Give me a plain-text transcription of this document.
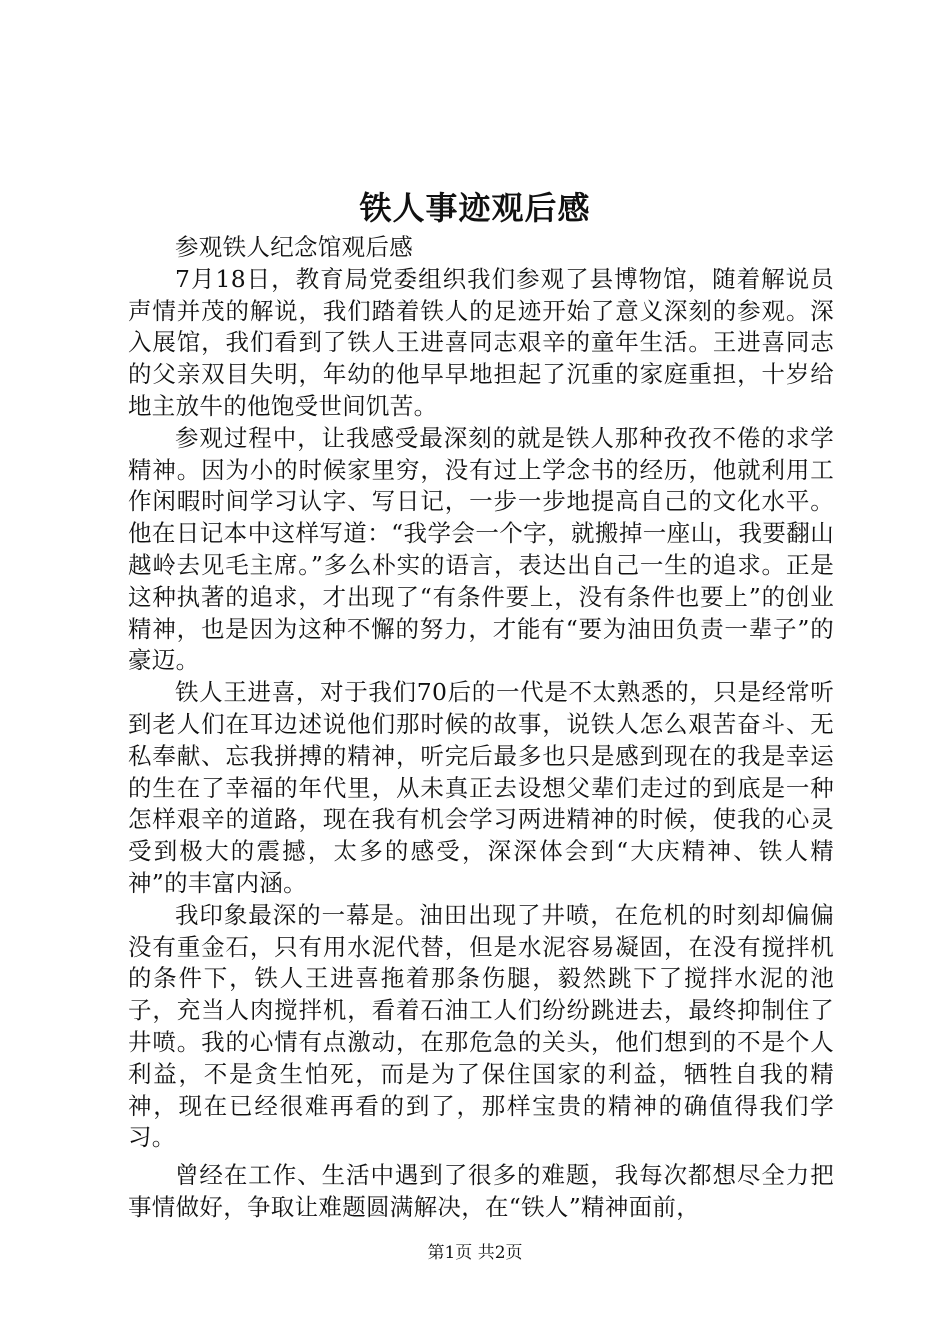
铁人事迹观后感

参观铁人纪念馆观后感

7月18日，教育局党委组织我们参观了县博物馆，随着解说员声情并茂的解说，我们踏着铁人的足迹开始了意义深刻的参观。深入展馆，我们看到了铁人王进喜同志艰辛的童年生活。王进喜同志的父亲双目失明，年幼的他早早地担起了沉重的家庭重担，十岁给地主放牛的他饱受世间饥苦。

参观过程中，让我感受最深刻的就是铁人那种孜孜不倦的求学精神。因为小的时候家里穷，没有过上学念书的经历，他就利用工作闲暇时间学习认字、写日记，一步一步地提高自己的文化水平。他在日记本中这样写道：“我学会一个字，就搬掉一座山，我要翻山越岭去见毛主席。”多么朴实的语言，表达出自己一生的追求。正是这种执著的追求，才出现了“有条件要上，没有条件也要上”的创业精神，也是因为这种不懈的努力，才能有“要为油田负责一辈子”的豪迈。

铁人王进喜，对于我们70后的一代是不太熟悉的，只是经常听到老人们在耳边述说他们那时候的故事，说铁人怎么艰苦奋斗、无私奉献、忘我拼搏的精神，听完后最多也只是感到现在的我是幸运的生在了幸福的年代里，从未真正去设想父辈们走过的到底是一种怎样艰辛的道路，现在我有机会学习两进精神的时候，使我的心灵受到极大的震撼，太多的感受，深深体会到“大庆精神、铁人精神”的丰富内涵。

我印象最深的一幕是。油田出现了井喷，在危机的时刻却偏偏没有重金石，只有用水泥代替，但是水泥容易凝固，在没有搅拌机的条件下，铁人王进喜拖着那条伤腿，毅然跳下了搅拌水泥的池子，充当人肉搅拌机，看着石油工人们纷纷跳进去，最终抑制住了井喷。我的心情有点激动，在那危急的关头，他们想到的不是个人利益，不是贪生怕死，而是为了保住国家的利益，牺牲自我的精神，现在已经很难再看的到了，那样宝贵的精神的确值得我们学习。

曾经在工作、生活中遇到了很多的难题，我每次都想尽全力把事情做好，争取让难题圆满解决，在“铁人”精神面前，

第1页 共2页
